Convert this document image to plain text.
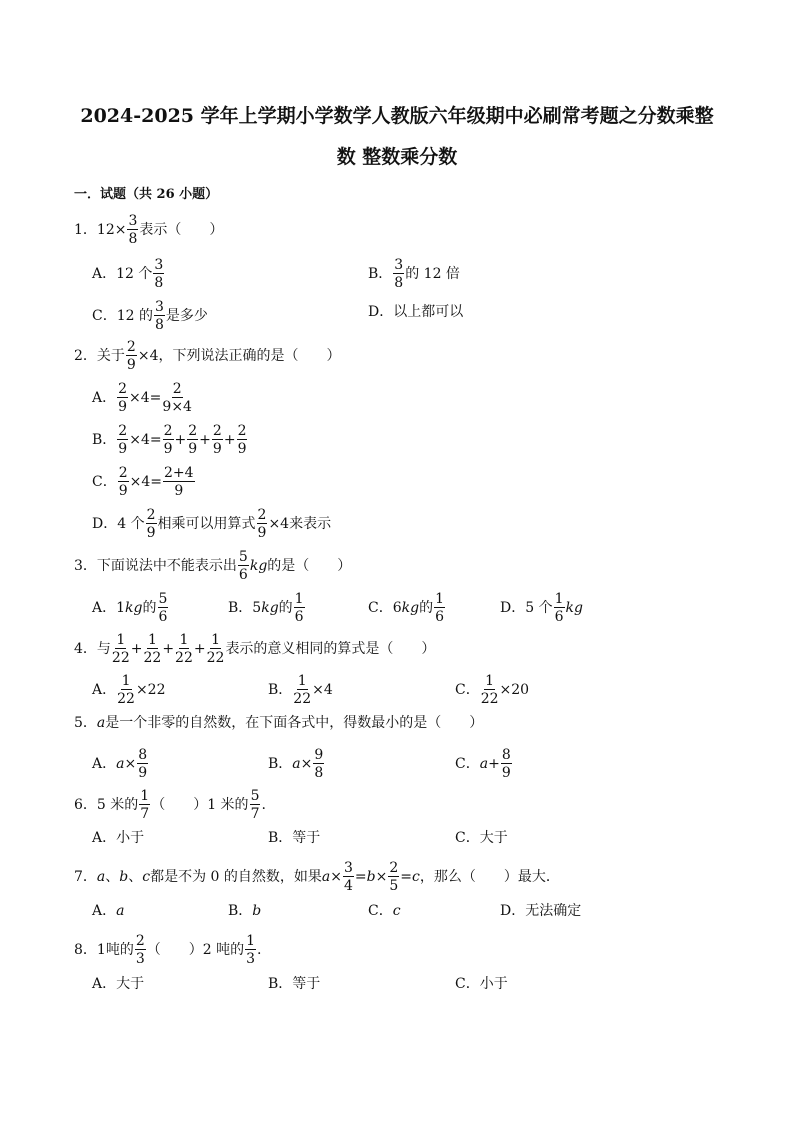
2024-2025 学年上学期小学数学人教版六年级期中必刷常考题之分数乘整
数 整数乘分数
一．试题（共 26 小题）
1． $12\times \frac{3}{8}$ 表示（　　）
A． 12 个 $\frac{3}{8}$	B． $\frac{3}{8}$ 的 12 倍
C． 12 的 $\frac{3}{8}$ 是多少	D． 以上都可以
2． 关于 $\frac{2}{9} \times 4$，下列说法正确的是（　　）
A． $\frac{2}{9} \times 4= \frac{2}{9\times 4}$
B． $\frac{2}{9} \times 4= \frac{2}{9} + \frac{2}{9} + \frac{2}{9} + \frac{2}{9}$
C． $\frac{2}{9} \times 4= \frac{2+4}{9}$
D． 4 个 $\frac{2}{9}$ 相乘可以用算式 $\frac{2}{9} \times 4$来表示
3． 下面说法中不能表示出 $\frac{5}{6}$ kg 的是（　　）
A． 1 kg 的 $\frac{5}{6}$	B． 5 kg 的 $\frac{1}{6}$	C． 6 kg 的 $\frac{1}{6}$	D． 5 个 $\frac{1}{6}$ kg
4． 与 $\frac{1}{22} + \frac{1}{22} + \frac{1}{22} + \frac{1}{22}$ 表示的意义相同的算式是（　　）
A． $\frac{1}{22} \times 22$	B． $\frac{1}{22} \times 4$	C． $\frac{1}{22} \times 20$
5． a 是一个非零的自然数，在下面各式中，得数最小的是（　　）
A． $a \times \frac{8}{9}$	B． $a \times \frac{9}{8}$	C． $a + \frac{8}{9}$
6． 5 米的 $\frac{1}{7}$ （　　）1 米的 $\frac{5}{7}$ .
A． 小于	B． 等于	C． 大于
7． a 、 b 、 c 都是不为 0 的自然数，如果 $a \times \frac{3}{4} = b \times \frac{2}{5} = c$ ，那么（　　）最大．
A． a	B． b	C． c	D． 无法确定
8． 1吨的 $\frac{2}{3}$ （　　）2 吨的 $\frac{1}{3}$ .
A． 大于	B． 等于	C． 小于
